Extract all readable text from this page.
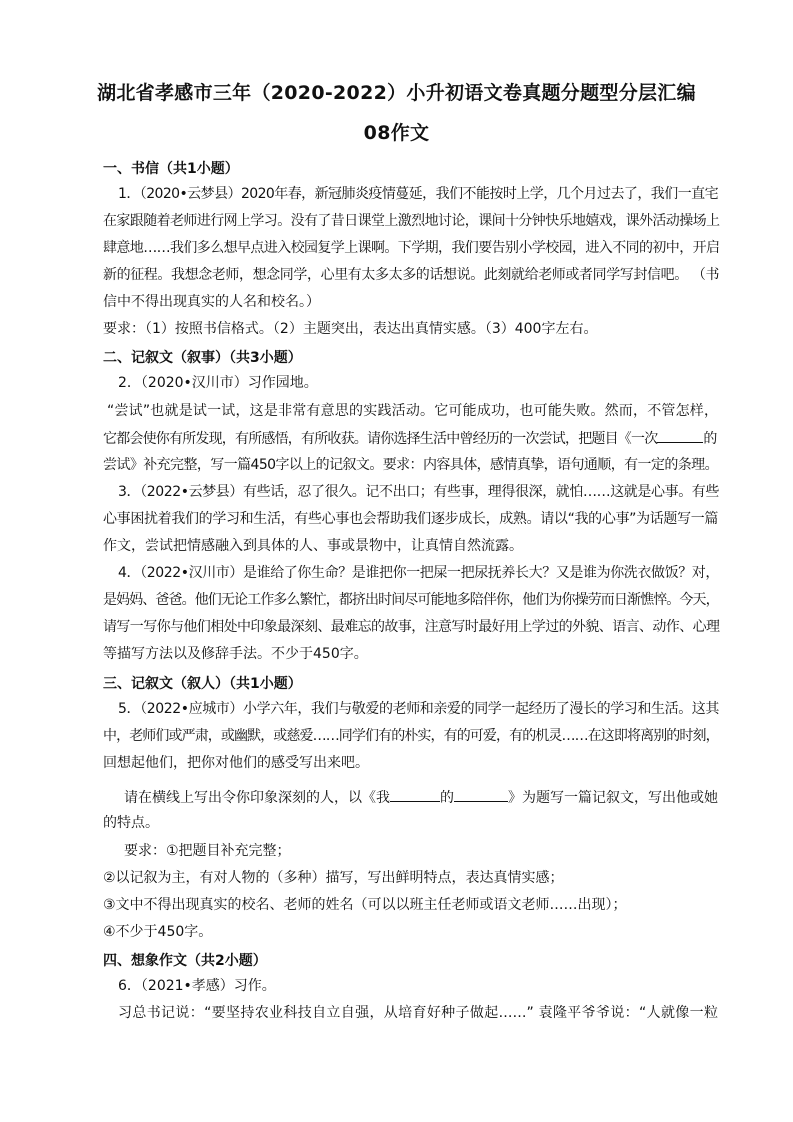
湖北省孝感市三年（2020-2022）小升初语文卷真题分题型分层汇编
08作文
一、书信（共1小题）
1．（2020•云梦县）2020年春，新冠肺炎疫情蔓延，我们不能按时上学，几个月过去了，我们一直宅
在家跟随着老师进行网上学习。没有了昔日课堂上激烈地讨论，课间十分钟快乐地嬉戏，课外活动操场上
肆意地……我们多么想早点进入校园复学上课啊。下学期，我们要告别小学校园，进入不同的初中，开启
新的征程。我想念老师，想念同学，心里有太多太多的话想说。此刻就给老师或者同学写封信吧。 （书
信中不得出现真实的人名和校名。）
要求：（1）按照书信格式。（2）主题突出，表达出真情实感。（3）400字左右。
二、记叙文（叙事）（共3小题）
2．（2020•汉川市）习作园地。
“尝试”也就是试一试，这是非常有意思的实践活动。它可能成功，也可能失败。然而，不管怎样，
它都会使你有所发现，有所感悟，有所收获。请你选择生活中曾经历的一次尝试，把题目《一次	的
尝试》补充完整，写一篇450字以上的记叙文。要求：内容具体，感情真挚，语句通顺，有一定的条理。
3．（2022•云梦县）有些话，忍了很久。记不出口；有些事，理得很深，就怕……这就是心事。有些
心事困扰着我们的学习和生活，有些心事也会帮助我们逐步成长，成熟。请以“我的心事”为话题写一篇
作文，尝试把情感融入到具体的人、事或景物中，让真情自然流露。
4．（2022•汉川市）是谁给了你生命？是谁把你一把屎一把尿抚养长大？又是谁为你洗衣做饭？对，
是妈妈、爸爸。他们无论工作多么繁忙，都挤出时间尽可能地多陪伴你，他们为你操劳而日渐憔悴。今天，
请写一写你与他们相处中印象最深刻、最难忘的故事，注意写时最好用上学过的外貌、语言、动作、心理
等描写方法以及修辞手法。不少于450字。
三、记叙文（叙人）（共1小题）
5．（2022•应城市）小学六年，我们与敬爱的老师和亲爱的同学一起经历了漫长的学习和生活。这其
中，老师们或严肃，或幽默，或慈爱……同学们有的朴实，有的可爱，有的机灵……在这即将离别的时刻，
回想起他们，把你对他们的感受写出来吧。
请在横线上写出令你印象深刻的人，以《我	的	》为题写一篇记叙文，写出他或她
的特点。
要求：①把题目补充完整；
②以记叙为主，有对人物的（多种）描写，写出鲜明特点，表达真情实感；
③文中不得出现真实的校名、老师的姓名（可以以班主任老师或语文老师……出现）；
④不少于450字。
四、想象作文（共2小题）
6．（2021•孝感）习作。
习总书记说：“要坚持农业科技自立自强，从培育好种子做起……” 袁隆平爷爷说：“人就像一粒
